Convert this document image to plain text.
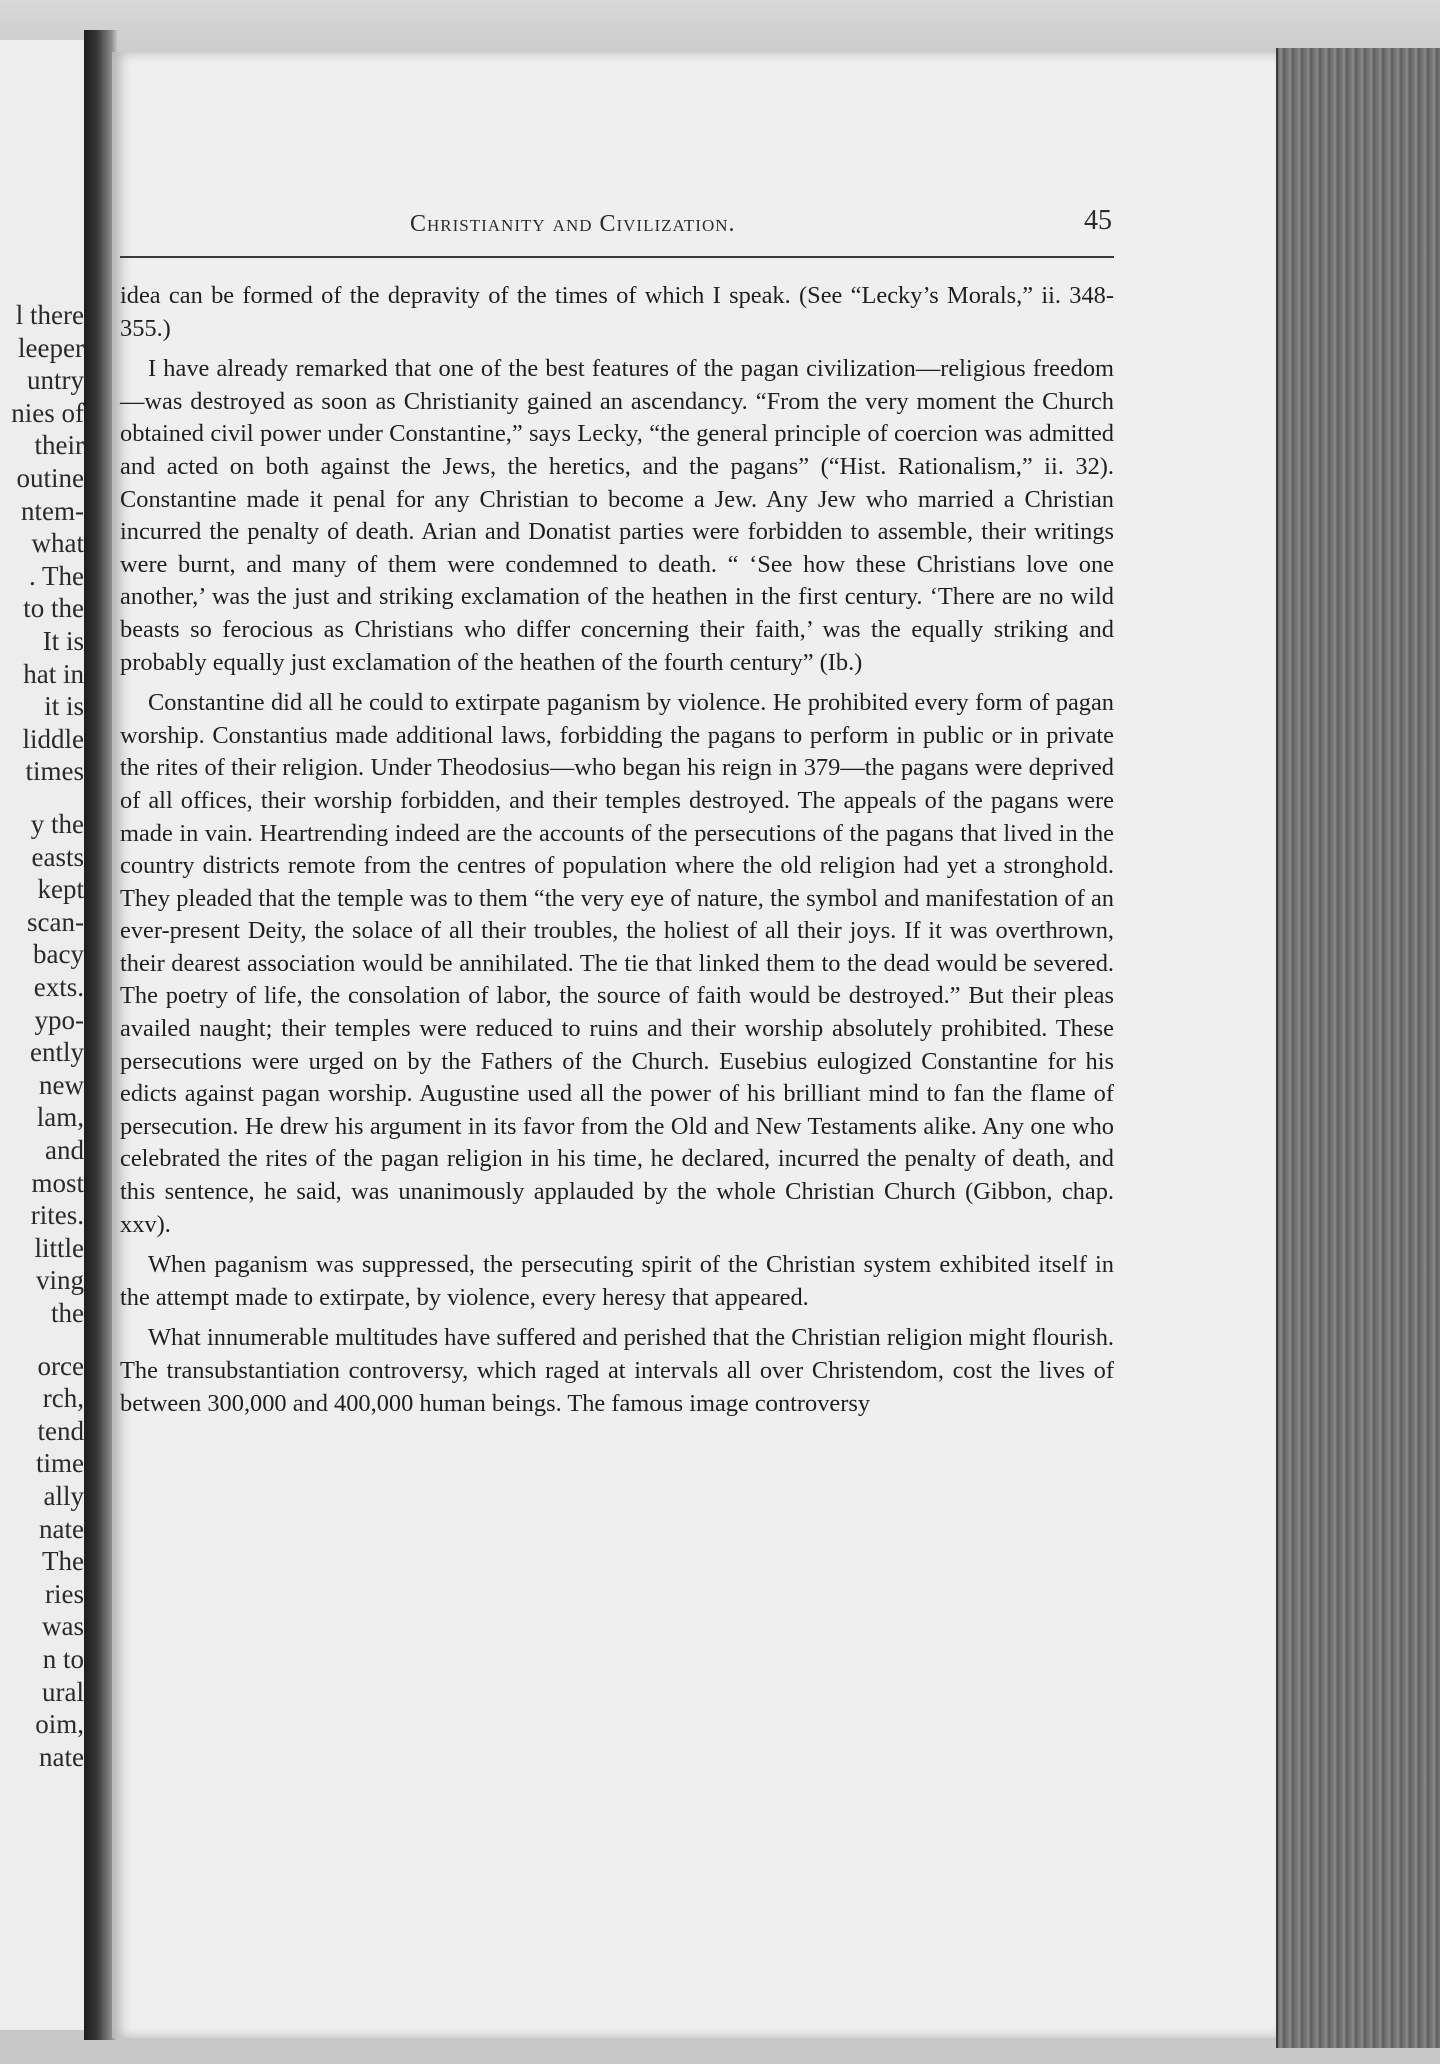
l there
leeper
untry
nies of
their
outine
ntem-
what
. The
to the
It is
hat in
it is
liddle
times
y the
easts
kept
scan-
bacy
exts.
ypo-
ently
new
lam,
and
most
rites.
little
ving
the
orce
rch,
tend
time
ally
nate
The
ries
was
n to
ural
oim,
nate
Christianity and Civilization.	45

idea can be formed of the depravity of the times of which I speak. (See “Lecky’s Morals,” ii. 348-355.)

I have already remarked that one of the best features of the pagan civilization—religious freedom—was destroyed as soon as Christianity gained an ascendancy. “From the very moment the Church obtained civil power under Constantine,” says Lecky, “the general principle of coercion was admitted and acted on both against the Jews, the heretics, and the pagans” (“Hist. Rationalism,” ii. 32). Constantine made it penal for any Christian to become a Jew. Any Jew who married a Christian incurred the penalty of death. Arian and Donatist parties were forbidden to assemble, their writings were burnt, and many of them were condemned to death. “ ‘See how these Christians love one another,’ was the just and striking exclamation of the heathen in the first century. ‘There are no wild beasts so ferocious as Christians who differ concerning their faith,’ was the equally striking and probably equally just exclamation of the heathen of the fourth century” (Ib.)

Constantine did all he could to extirpate paganism by violence. He prohibited every form of pagan worship. Constantius made additional laws, forbidding the pagans to perform in public or in private the rites of their religion. Under Theodosius—who began his reign in 379—the pagans were deprived of all offices, their worship forbidden, and their temples destroyed. The appeals of the pagans were made in vain. Heartrending indeed are the accounts of the persecutions of the pagans that lived in the country districts remote from the centres of population where the old religion had yet a stronghold. They pleaded that the temple was to them “the very eye of nature, the symbol and manifestation of an ever-present Deity, the solace of all their troubles, the holiest of all their joys. If it was overthrown, their dearest association would be annihilated. The tie that linked them to the dead would be severed. The poetry of life, the consolation of labor, the source of faith would be destroyed.” But their pleas availed naught; their temples were reduced to ruins and their worship absolutely prohibited. These persecutions were urged on by the Fathers of the Church. Eusebius eulogized Constantine for his edicts against pagan worship. Augustine used all the power of his brilliant mind to fan the flame of persecution. He drew his argument in its favor from the Old and New Testaments alike. Any one who celebrated the rites of the pagan religion in his time, he declared, incurred the penalty of death, and this sentence, he said, was unanimously applauded by the whole Christian Church (Gibbon, chap. xxv).

When paganism was suppressed, the persecuting spirit of the Christian system exhibited itself in the attempt made to extirpate, by violence, every heresy that appeared.

What innumerable multitudes have suffered and perished that the Christian religion might flourish. The transubstantiation controversy, which raged at intervals all over Christendom, cost the lives of between 300,000 and 400,000 human beings. The famous image controversy
